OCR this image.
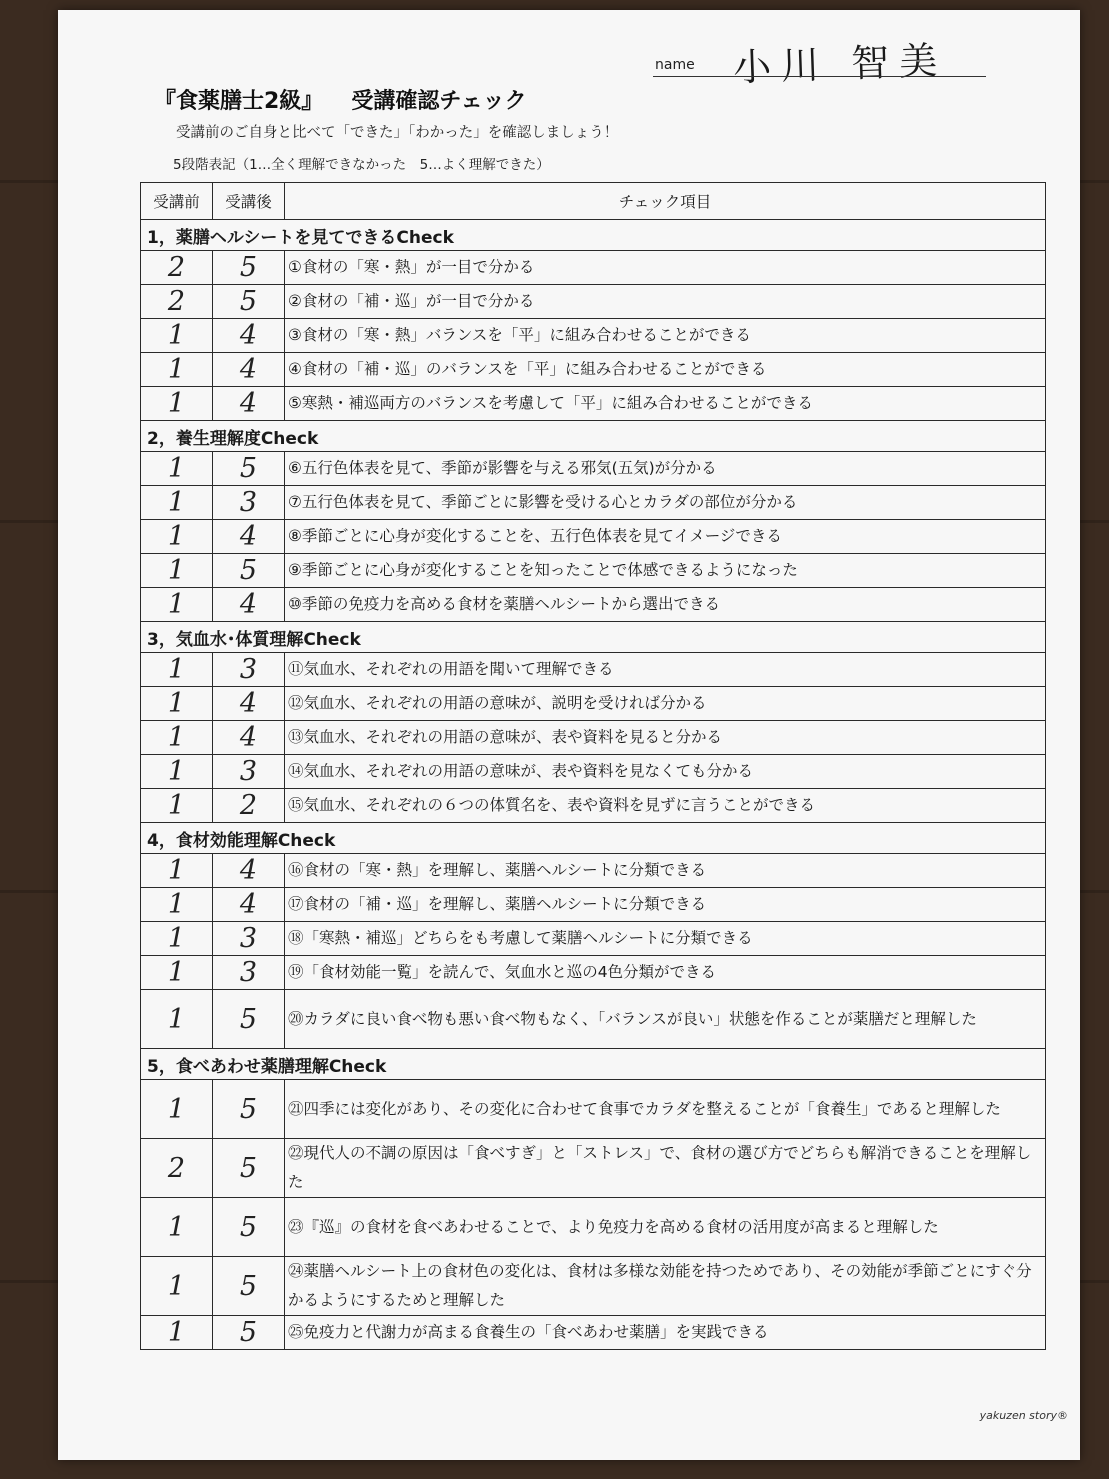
name 小川 智美
『食薬膳士2級』 受講確認チェック
受講前のご自身と比べて「できた」「わかった」を確認しましょう！
5段階表記（1…全く理解できなかった　5…よく理解できた）
受講前	受講後	チェック項目
1，薬膳ヘルシートを見てできるCheck		
2	5	①食材の「寒・熱」が一目で分かる
2	5	②食材の「補・巡」が一目で分かる
1	4	③食材の「寒・熱」バランスを「平」に組み合わせることができる
1	4	④食材の「補・巡」のバランスを「平」に組み合わせることができる
1	4	⑤寒熱・補巡両方のバランスを考慮して「平」に組み合わせることができる
2，養生理解度Check		
1	5	⑥五行色体表を見て、季節が影響を与える邪気(五気)が分かる
1	3	⑦五行色体表を見て、季節ごとに影響を受ける心とカラダの部位が分かる
1	4	⑧季節ごとに心身が変化することを、五行色体表を見てイメージできる
1	5	⑨季節ごとに心身が変化することを知ったことで体感できるようになった
1	4	⑩季節の免疫力を高める食材を薬膳ヘルシートから選出できる
3，気血水･体質理解Check		
1	3	⑪気血水、それぞれの用語を聞いて理解できる
1	4	⑫気血水、それぞれの用語の意味が、説明を受ければ分かる
1	4	⑬気血水、それぞれの用語の意味が、表や資料を見ると分かる
1	3	⑭気血水、それぞれの用語の意味が、表や資料を見なくても分かる
1	2	⑮気血水、それぞれの６つの体質名を、表や資料を見ずに言うことができる
4，食材効能理解Check		
1	4	⑯食材の「寒・熱」を理解し、薬膳ヘルシートに分類できる
1	4	⑰食材の「補・巡」を理解し、薬膳ヘルシートに分類できる
1	3	⑱「寒熱・補巡」どちらをも考慮して薬膳ヘルシートに分類できる
1	3	⑲「食材効能一覧」を読んで、気血水と巡の4色分類ができる
1	5	⑳カラダに良い食べ物も悪い食べ物もなく、「バランスが良い」状態を作ることが薬膳だと理解した
5，食べあわせ薬膳理解Check		
1	5	㉑四季には変化があり、その変化に合わせて食事でカラダを整えることが「食養生」であると理解した
2	5	㉒現代人の不調の原因は「食べすぎ」と「ストレス」で、食材の選び方でどちらも解消できることを理解した
1	5	㉓『巡』の食材を食べあわせることで、より免疫力を高める食材の活用度が高まると理解した
1	5	㉔薬膳ヘルシート上の食材色の変化は、食材は多様な効能を持つためであり、その効能が季節ごとにすぐ分かるようにするためと理解した
1	5	㉕免疫力と代謝力が高まる食養生の「食べあわせ薬膳」を実践できる
yakuzen story®
